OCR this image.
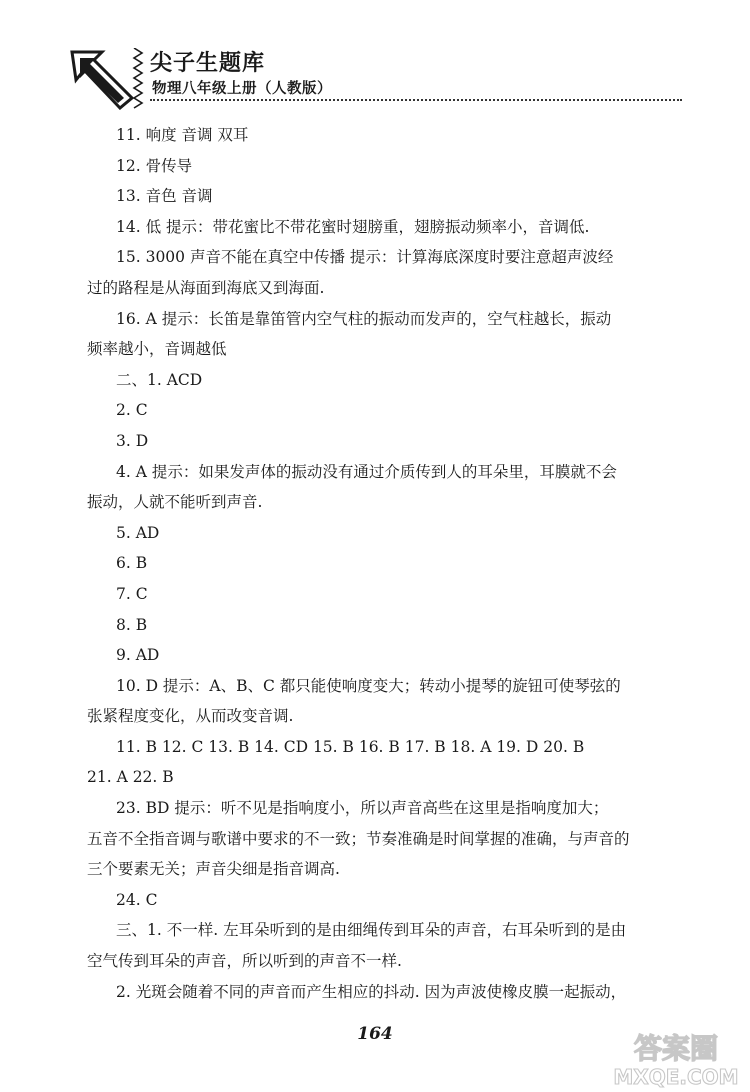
尖子生题库
物理八年级上册（人教版）
11. 响度 音调 双耳
12. 骨传导
13. 音色 音调
14. 低 提示：带花蜜比不带花蜜时翅膀重，翅膀振动频率小，音调低.
15. 3000 声音不能在真空中传播 提示：计算海底深度时要注意超声波经
过的路程是从海面到海底又到海面.
16. A 提示：长笛是靠笛管内空气柱的振动而发声的，空气柱越长，振动
频率越小，音调越低
二、1. ACD
2. C
3. D
4. A 提示：如果发声体的振动没有通过介质传到人的耳朵里，耳膜就不会
振动，人就不能听到声音.
5. AD
6. B
7. C
8. B
9. AD
10. D 提示：A、B、C 都只能使响度变大；转动小提琴的旋钮可使琴弦的
张紧程度变化，从而改变音调.
11. B 12. C 13. B 14. CD 15. B 16. B 17. B 18. A 19. D 20. B
21. A 22. B
23. BD 提示：听不见是指响度小，所以声音高些在这里是指响度加大；
五音不全指音调与歌谱中要求的不一致；节奏准确是时间掌握的准确，与声音的
三个要素无关；声音尖细是指音调高.
24. C
三、1. 不一样. 左耳朵听到的是由细绳传到耳朵的声音，右耳朵听到的是由
空气传到耳朵的声音，所以听到的声音不一样.
2. 光斑会随着不同的声音而产生相应的抖动. 因为声波使橡皮膜一起振动，
164	答案圈
MXQE.COM
